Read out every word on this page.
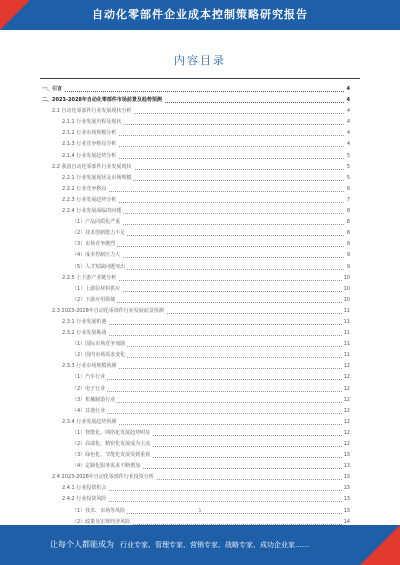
自动化零部件企业成本控制策略研究报告
内容目录
一、引言	4
二、2023-2028年自动化零部件市场前景及趋势预测	4
2.1 自动化零部件行业发展现状分析	4
2.1.1 行业发展历程及现状	4
2.1.2 行业市场规模分析	4
2.1.3 行业竞争格局分析	4
2.1.4 行业发展趋势分析	5
2.2 我国自动化零部件行业发展现状	5
2.2.1 行业发展现状及市场规模	5
2.2.2 行业竞争格局	6
2.2.3 行业发展趋势分析	7
2.2.4 行业发展面临的问题	8
（1）产品同质化严重	8
（2）技术创新能力不足	8
（3）市场竞争激烈	8
（4）成本控制压力大	9
（5）人才短缺问题突出	9
2.2.5 上下游产业链分析	10
（1）上游原材料供应	10
（2）下游应用领域	10
2.3 2023-2028年自动化零部件行业发展前景预测	11
2.3.1 行业发展机遇	11
2.3.2 行业发展挑战	11
（1）国际市场竞争加剧	11
（2）国内市场需求变化	11
2.3.3 行业市场规模预测	12
（1）汽车行业	12
（2）电子行业	12
（3）机械制造行业	12
（4）其他行业	12
2.3.4 行业发展趋势预测	12
（1）智能化、网络化发展趋势明显	12
（2）高端化、精密化发展成为主流	12
（3）绿色化、节能化发展受到重视	13
（4）定制化服务需求不断增加	13
2.4 2023-2028年自动化零部件行业投资分析	13
2.4.1 行业投资机会	13
2.4.2 行业投资风险	13
（1）技术、市场等风险	13
（2）政策及宏观经济风险	14
1
让每个人都能成为 行业专家、管理专家、营销专家、战略专家、成功企业家……
